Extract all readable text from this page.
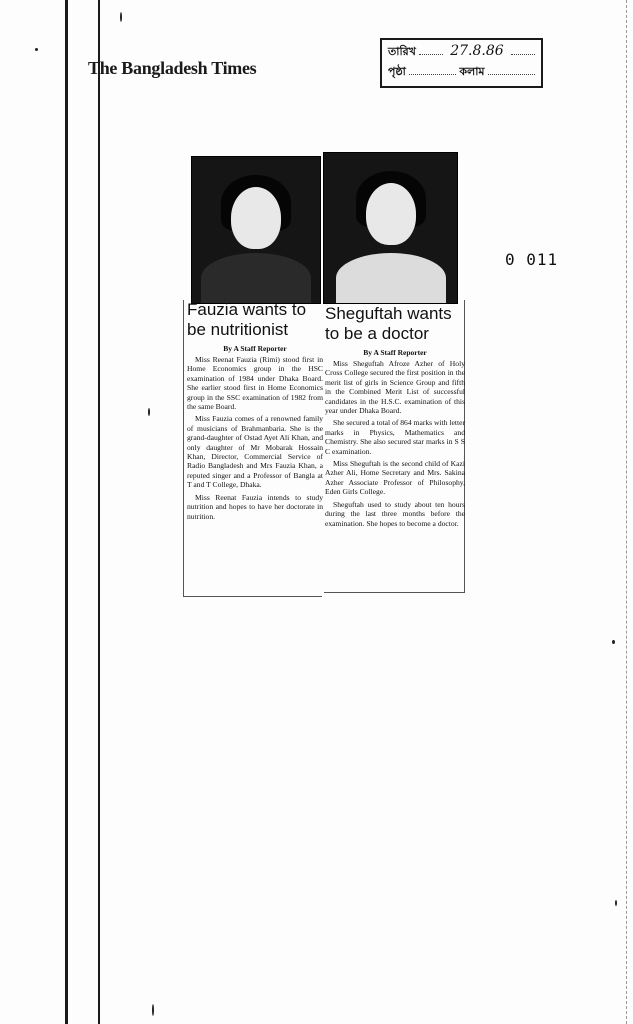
The Bangladesh Times
তারিখ 27.8.86
পৃষ্ঠা	কলাম
0 011
Fauzia wants to be nutritionist

By A Staff Reporter

Miss Reenat Fauzia (Rimi) stood first in Home Economics group in the HSC examination of 1984 under Dhaka Board. She earlier stood first in Home Economics group in the SSC examination of 1982 from the same Board.

Miss Fauzia comes of a renowned family of musicians of Brahmanbaria. She is the grand-daughter of Ostad Ayet Ali Khan, and only daughter of Mr Mobarak Hossain Khan, Director, Commercial Service of Radio Bangladesh and Mrs Fauzia Khan, a reputed singer and a Professor of Bangla at T and T College, Dhaka.

Miss Reenat Fauzia intends to study nutrition and hopes to have her doctorate in nutrition.

Sheguftah wants to be a doctor

By A Staff Reporter

Miss Sheguftah Afroze Azher of Holy Cross College secured the first position in the merit list of girls in Science Group and fifth in the Combined Merit List of successful candidates in the H.S.C. examination of this year under Dhaka Board.

She secured a total of 864 marks with letter marks in Physics, Mathematics and Chemistry. She also secured star marks in S S C examination.

Miss Sheguftah is the second child of Kazi Azher Ali, Home Secretary and Mrs. Sakina Azher Associate Professor of Philosophy, Eden Girls College.

Sheguftah used to study about ten hours during the last three months before the examination. She hopes to become a doctor.
